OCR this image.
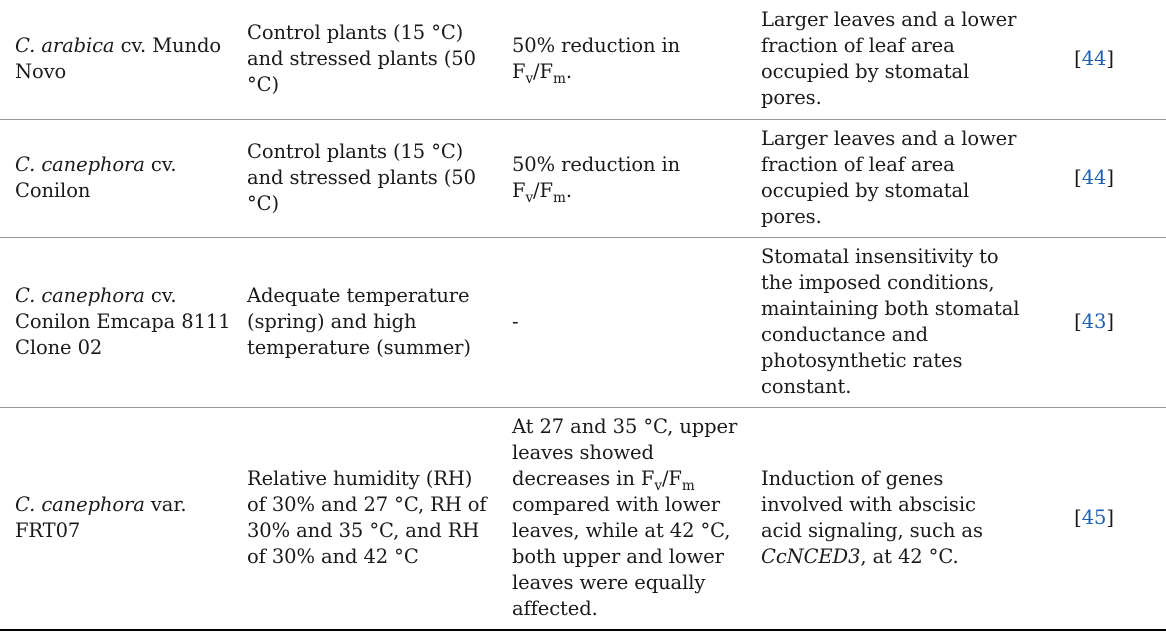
C. arabica cv. Mundo Novo	Control plants (15 °C) and stressed plants (50 °C)	50% reduction in $F_v/F_m$.	Larger leaves and a lower fraction of leaf area occupied by stomatal pores.	[44]
C. canephora cv. Conilon	Control plants (15 °C) and stressed plants (50 °C)	50% reduction in $F_v/F_m$.	Larger leaves and a lower fraction of leaf area occupied by stomatal pores.	[44]
C. canephora cv. Conilon Emcapa 8111 Clone 02	Adequate temperature (spring) and high temperature (summer)	-	Stomatal insensitivity to the imposed conditions, maintaining both stomatal conductance and photosynthetic rates constant.	[43]
C. canephora var. FRT07	Relative humidity (RH) of 30% and 27 °C, RH of 30% and 35 °C, and RH of 30% and 42 °C	At 27 and 35 °C, upper leaves showed decreases in $F_v/F_m$ compared with lower leaves, while at 42 °C, both upper and lower leaves were equally affected.	Induction of genes involved with abscisic acid signaling, such as CcNCED3, at 42 °C.	[45]
